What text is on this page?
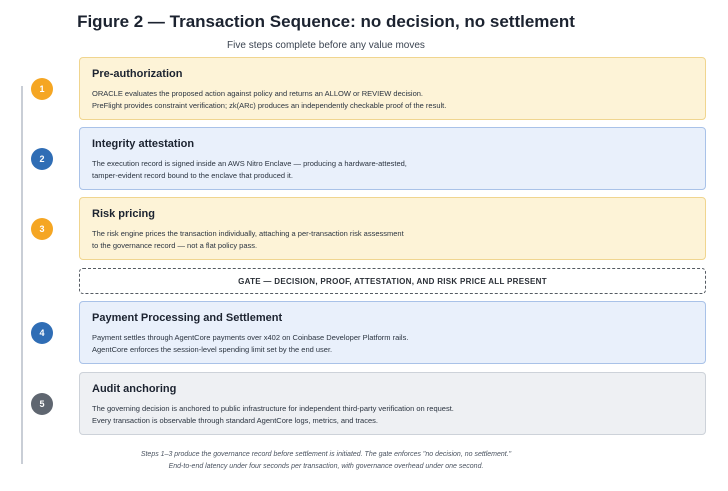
Figure 2 — Transaction Sequence: no decision, no settlement
Five steps complete before any value moves
1
Pre-authorization

ORACLE evaluates the proposed action against policy and returns an ALLOW or REVIEW decision.

PreFlight provides constraint verification; zk(ARc) produces an independently checkable proof of the result.

2
Integrity attestation

The execution record is signed inside an AWS Nitro Enclave — producing a hardware-attested,

tamper-evident record bound to the enclave that produced it.

3
Risk pricing

The risk engine prices the transaction individually, attaching a per-transaction risk assessment

to the governance record — not a flat policy pass.

GATE — DECISION, PROOF, ATTESTATION, AND RISK PRICE ALL PRESENT
4
Payment Processing and Settlement

Payment settles through AgentCore payments over x402 on Coinbase Developer Platform rails.

AgentCore enforces the session-level spending limit set by the end user.

5
Audit anchoring

The governing decision is anchored to public infrastructure for independent third-party verification on request.

Every transaction is observable through standard AgentCore logs, metrics, and traces.

Steps 1–3 produce the governance record before settlement is initiated. The gate enforces "no decision, no settlement."
End-to-end latency under four seconds per transaction, with governance overhead under one second.
